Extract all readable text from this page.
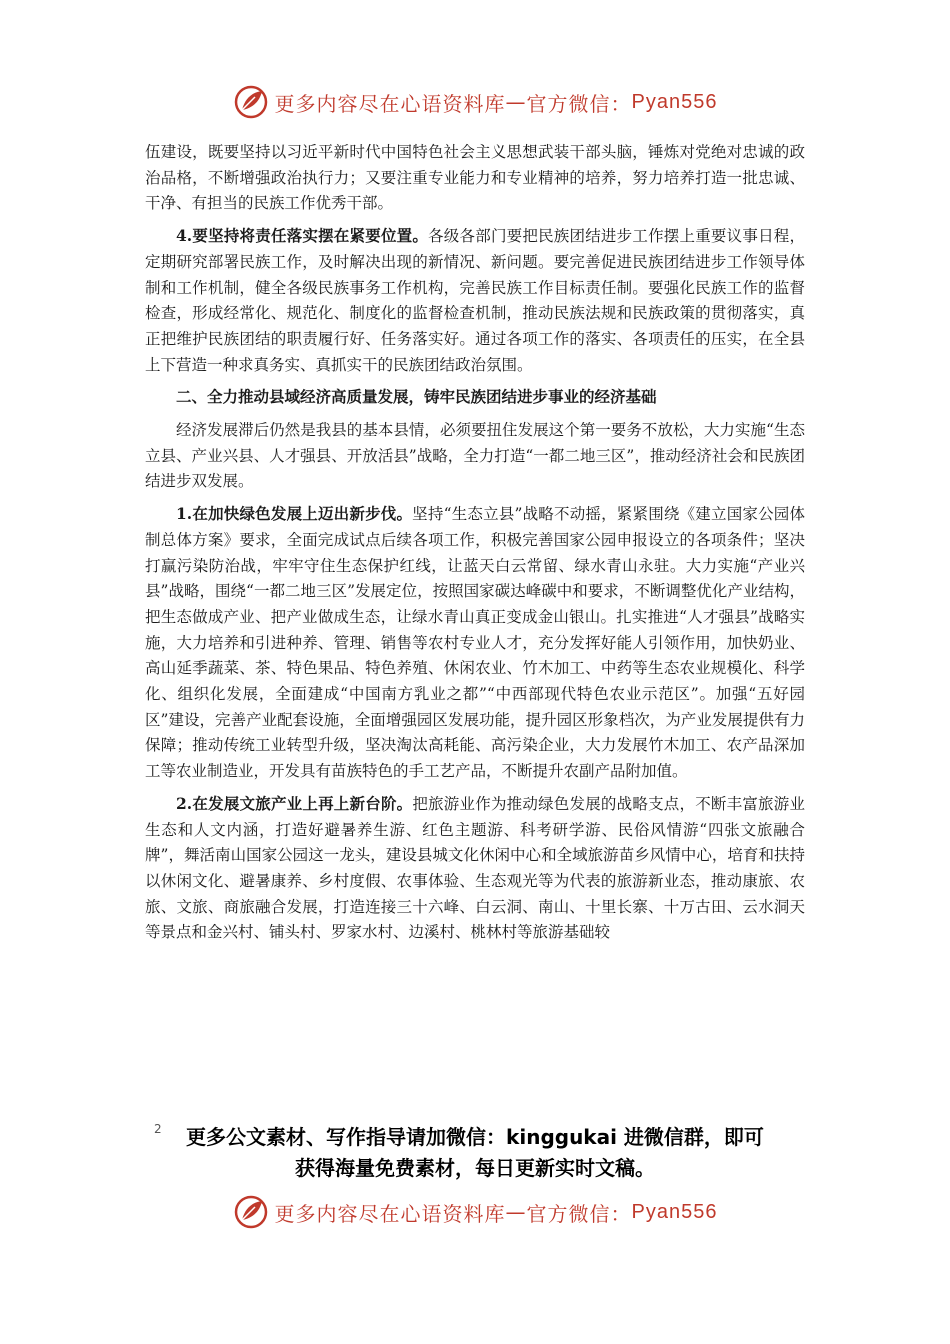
更多内容尽在心语资料库 — 官方微信： Pyan556

伍建设，既要坚持以习近平新时代中国特色社会主义思想武装干部头脑，锤炼对党绝对忠诚的政治品格，不断增强政治执行力；又要注重专业能力和专业精神的培养，努力培养打造一批忠诚、干净、有担当的民族工作优秀干部。

4.要坚持将责任落实摆在紧要位置。各级各部门要把民族团结进步工作摆上重要议事日程，定期研究部署民族工作，及时解决出现的新情况、新问题。要完善促进民族团结进步工作领导体制和工作机制，健全各级民族事务工作机构，完善民族工作目标责任制。要强化民族工作的监督检查，形成经常化、规范化、制度化的监督检查机制，推动民族法规和民族政策的贯彻落实，真正把维护民族团结的职责履行好、任务落实好。通过各项工作的落实、各项责任的压实，在全县上下营造一种求真务实、真抓实干的民族团结政治氛围。

二、全力推动县域经济高质量发展，铸牢民族团结进步事业的经济基础

经济发展滞后仍然是我县的基本县情，必须要扭住发展这个第一要务不放松，大力实施“生态立县、产业兴县、人才强县、开放活县”战略，全力打造“一都二地三区”，推动经济社会和民族团结进步双发展。

1.在加快绿色发展上迈出新步伐。坚持“生态立县”战略不动摇，紧紧围绕《建立国家公园体制总体方案》要求，全面完成试点后续各项工作，积极完善国家公园申报设立的各项条件；坚决打赢污染防治战，牢牢守住生态保护红线，让蓝天白云常留、绿水青山永驻。大力实施“产业兴县”战略，围绕“一都二地三区”发展定位，按照国家碳达峰碳中和要求，不断调整优化产业结构，把生态做成产业、把产业做成生态，让绿水青山真正变成金山银山。扎实推进“人才强县”战略实施，大力培养和引进种养、管理、销售等农村专业人才，充分发挥好能人引领作用，加快奶业、高山延季蔬菜、茶、特色果品、特色养殖、休闲农业、竹木加工、中药等生态农业规模化、科学化、组织化发展，全面建成“中国南方乳业之都”“中西部现代特色农业示范区”。加强“五好园区”建设，完善产业配套设施，全面增强园区发展功能，提升园区形象档次，为产业发展提供有力保障；推动传统工业转型升级，坚决淘汰高耗能、高污染企业，大力发展竹木加工、农产品深加工等农业制造业，开发具有苗族特色的手工艺产品，不断提升农副产品附加值。

2.在发展文旅产业上再上新台阶。把旅游业作为推动绿色发展的战略支点，不断丰富旅游业生态和人文内涵，打造好避暑养生游、红色主题游、科考研学游、民俗风情游“四张文旅融合牌”，舞活南山国家公园这一龙头，建设县城文化休闲中心和全域旅游苗乡风情中心，培育和扶持以休闲文化、避暑康养、乡村度假、农事体验、生态观光等为代表的旅游新业态，推动康旅、农旅、文旅、商旅融合发展，打造连接三十六峰、白云洞、南山、十里长寨、十万古田、云水洞天等景点和金兴村、铺头村、罗家水村、边溪村、桃林村等旅游基础较

2	更多公文素材、写作指导请加微信：kinggukai 进微信群，即可
获得海量免费素材，每日更新实时文稿。
更多内容尽在心语资料库 — 官方微信： Pyan556
